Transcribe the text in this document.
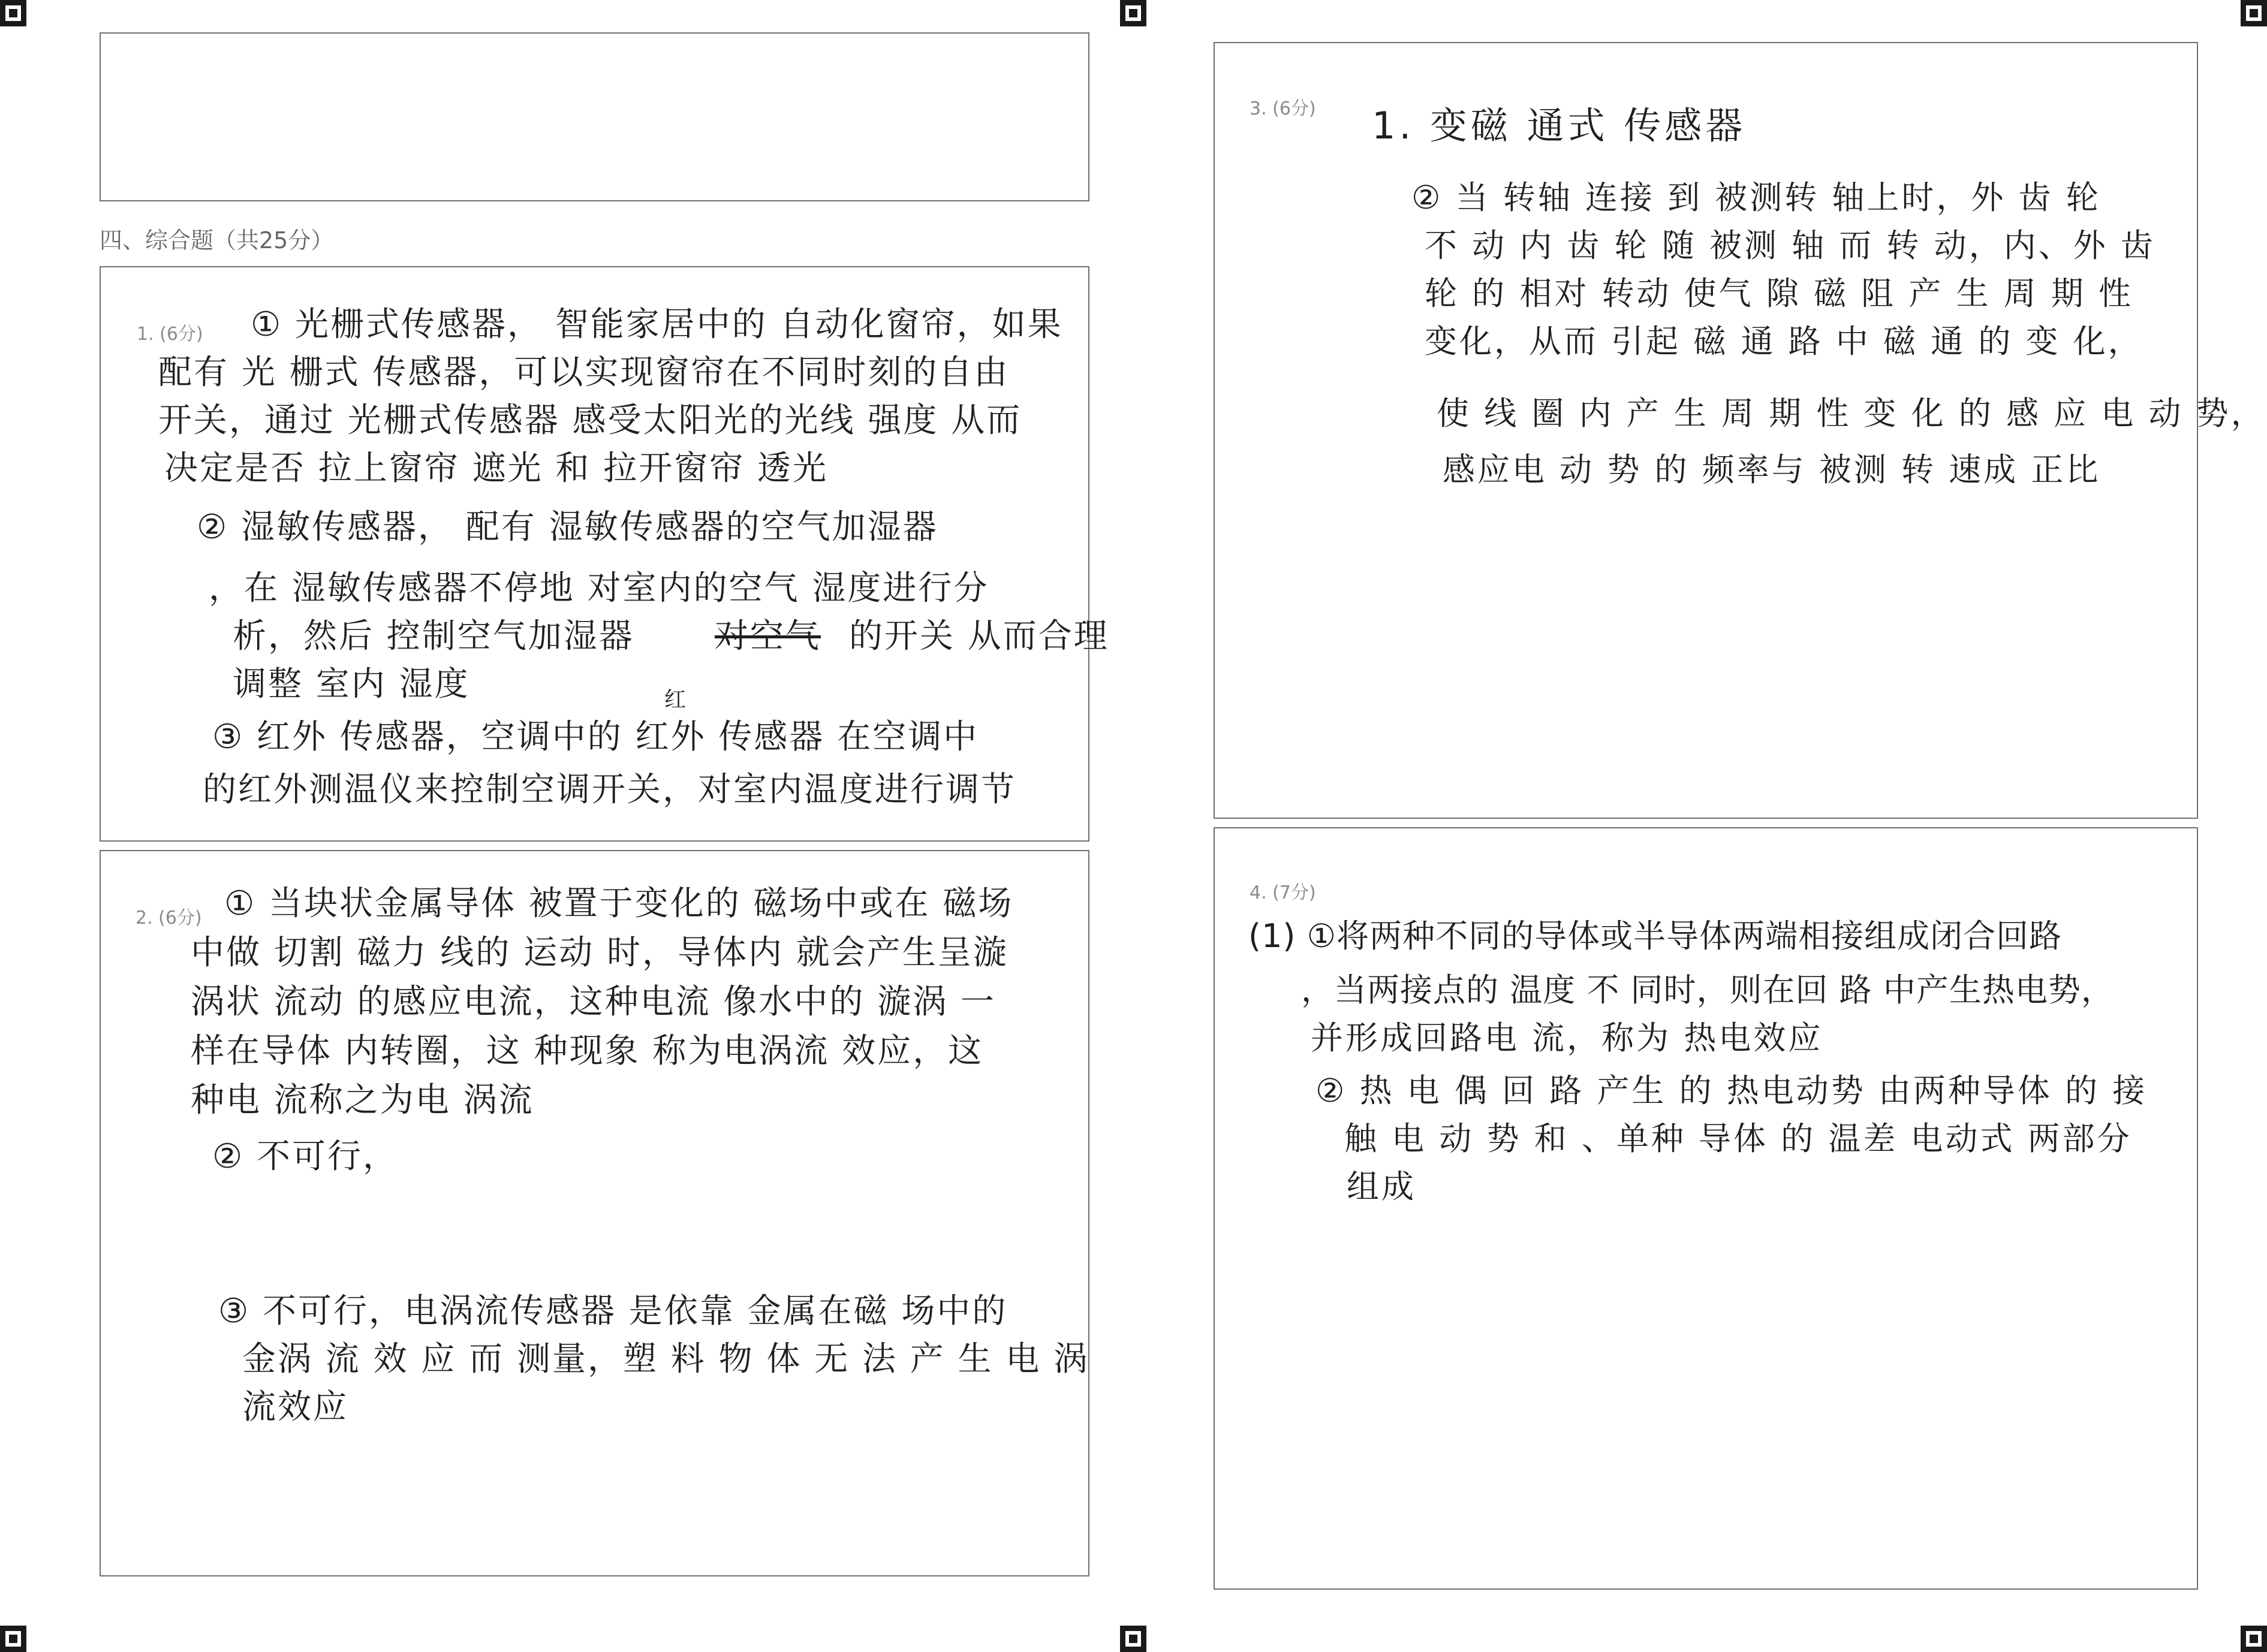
四、综合题（共25分）
1. (6分) ① 光栅式传感器， 智能家居中的 自动化窗帘，如果
配有 光 栅式 传感器，可以实现窗帘在不同时刻的自由
开关，通过 光栅式传感器 感受太阳光的光线 强度 从而
决定是否 拉上窗帘 遮光 和 拉开窗帘 透光
② 湿敏传感器， 配有 湿敏传感器的空气加湿器
，在 湿敏传感器不停地 对室内的空气 湿度进行分
析，然后 控制空气加湿器 对空气 的开关 从而合理
调整 室内 湿度	红
③ 红外 传感器，空调中的 红外 传感器 在空调中
的红外测温仪来控制空调开关，对室内温度进行调节
2. (6分) ① 当块状金属导体 被置于变化的 磁场中或在 磁场
中做 切割 磁力 线的 运动 时，导体内 就会产生呈漩
涡状 流动 的感应电流，这种电流 像水中的 漩涡 一
样在导体 内转圈，这 种现象 称为电涡流 效应，这
种电 流称之为电 涡流
② 不可行，
③ 不可行，电涡流传感器 是依靠 金属在磁 场中的
金涡 流 效 应 而 测量，塑 料 物 体 无 法 产 生 电 涡
流效应
3. (6分) 1. 变磁 通式 传感器
② 当 转轴 连接 到 被测转 轴上时，外 齿 轮
不 动 内 齿 轮 随 被测 轴 而 转 动，内、外 齿
轮 的 相对 转动 使气 隙 磁 阻 产 生 周 期 性
变化，从而 引起 磁 通 路 中 磁 通 的 变 化，
使 线 圈 内 产 生 周 期 性 变 化 的 感 应 电 动 势，
感应电 动 势 的 频率与 被测 转 速成 正比
4. (7分)
(1) ①将两种不同的导体或半导体两端相接组成闭合回路
，当两接点的 温度 不 同时，则在回 路 中产生热电势，
并形成回路电 流，称为 热电效应
② 热 电 偶 回 路 产生 的 热电动势 由两种导体 的 接
触 电 动 势 和 、单种 导体 的 温差 电动式 两部分
组成
